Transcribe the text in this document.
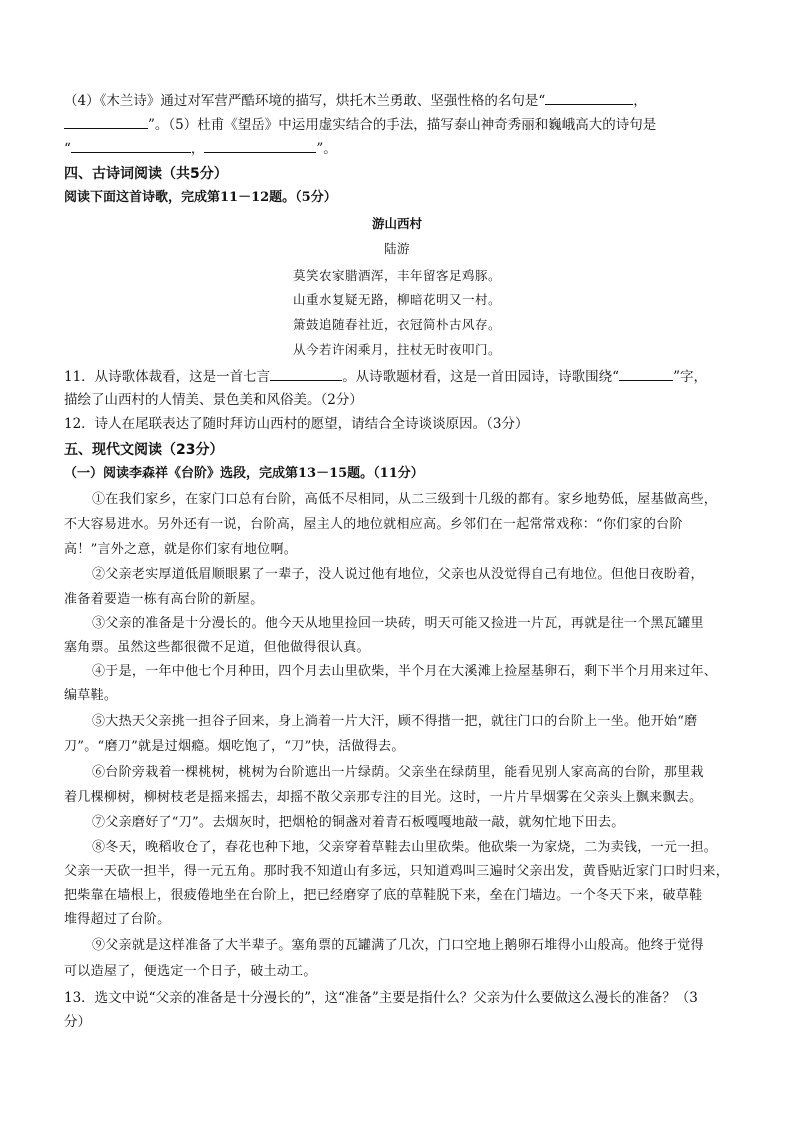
（4）《木兰诗》通过对军营严酷环境的描写，烘托木兰勇敢、坚强性格的名句是“	，
”。（5）杜甫《望岳》中运用虚实结合的手法，描写泰山神奇秀丽和巍峨高大的诗句是
“	，	”。
四、古诗词阅读（共5分）
阅读下面这首诗歌，完成第11－12题。（5分）
游山西村
陆游
莫笑农家腊酒浑，丰年留客足鸡豚。
山重水复疑无路，柳暗花明又一村。
箫鼓追随春社近，衣冠简朴古风存。
从今若许闲乘月，拄杖无时夜叩门。
11．从诗歌体裁看，这是一首七言	。从诗歌题材看，这是一首田园诗，诗歌围绕“	”字，
描绘了山西村的人情美、景色美和风俗美。（2分）
12．诗人在尾联表达了随时拜访山西村的愿望，请结合全诗谈谈原因。（3分）
五、现代文阅读（23分）
（一）阅读李森祥《台阶》选段，完成第13－15题。（11分）
①在我们家乡，在家门口总有台阶，高低不尽相同，从二三级到十几级的都有。家乡地势低，屋基做高些，
不大容易进水。另外还有一说，台阶高，屋主人的地位就相应高。乡邻们在一起常常戏称：“你们家的台阶
高！”言外之意，就是你们家有地位啊。
②父亲老实厚道低眉顺眼累了一辈子，没人说过他有地位，父亲也从没觉得自己有地位。但他日夜盼着，
准备着要造一栋有高台阶的新屋。
③父亲的准备是十分漫长的。他今天从地里捡回一块砖，明天可能又捡进一片瓦，再就是往一个黑瓦罐里
塞角票。虽然这些都很微不足道，但他做得很认真。
④于是，一年中他七个月种田，四个月去山里砍柴，半个月在大溪滩上捡屋基卵石，剩下半个月用来过年、
编草鞋。
⑤大热天父亲挑一担谷子回来，身上淌着一片大汗，顾不得揩一把，就往门口的台阶上一坐。他开始“磨
刀”。“磨刀”就是过烟瘾。烟吃饱了，“刀”快，活做得去。
⑥台阶旁栽着一棵桃树，桃树为台阶遮出一片绿荫。父亲坐在绿荫里，能看见别人家高高的台阶，那里栽
着几棵柳树，柳树枝老是摇来摇去，却摇不散父亲那专注的目光。这时，一片片旱烟雾在父亲头上飘来飘去。
⑦父亲磨好了“刀”。去烟灰时，把烟枪的铜盏对着青石板嘎嘎地敲一敲，就匆忙地下田去。
⑧冬天，晚稻收仓了，春花也种下地，父亲穿着草鞋去山里砍柴。他砍柴一为家烧，二为卖钱，一元一担。
父亲一天砍一担半，得一元五角。那时我不知道山有多远，只知道鸡叫三遍时父亲出发，黄昏贴近家门口时归来，
把柴靠在墙根上，很疲倦地坐在台阶上，把已经磨穿了底的草鞋脱下来，垒在门墙边。一个冬天下来，破草鞋
堆得超过了台阶。
⑨父亲就是这样准备了大半辈子。塞角票的瓦罐满了几次，门口空地上鹅卵石堆得小山般高。他终于觉得
可以造屋了，便选定一个日子，破土动工。
13．选文中说“父亲的准备是十分漫长的”，这“准备”主要是指什么？父亲为什么要做这么漫长的准备？（3
分）
